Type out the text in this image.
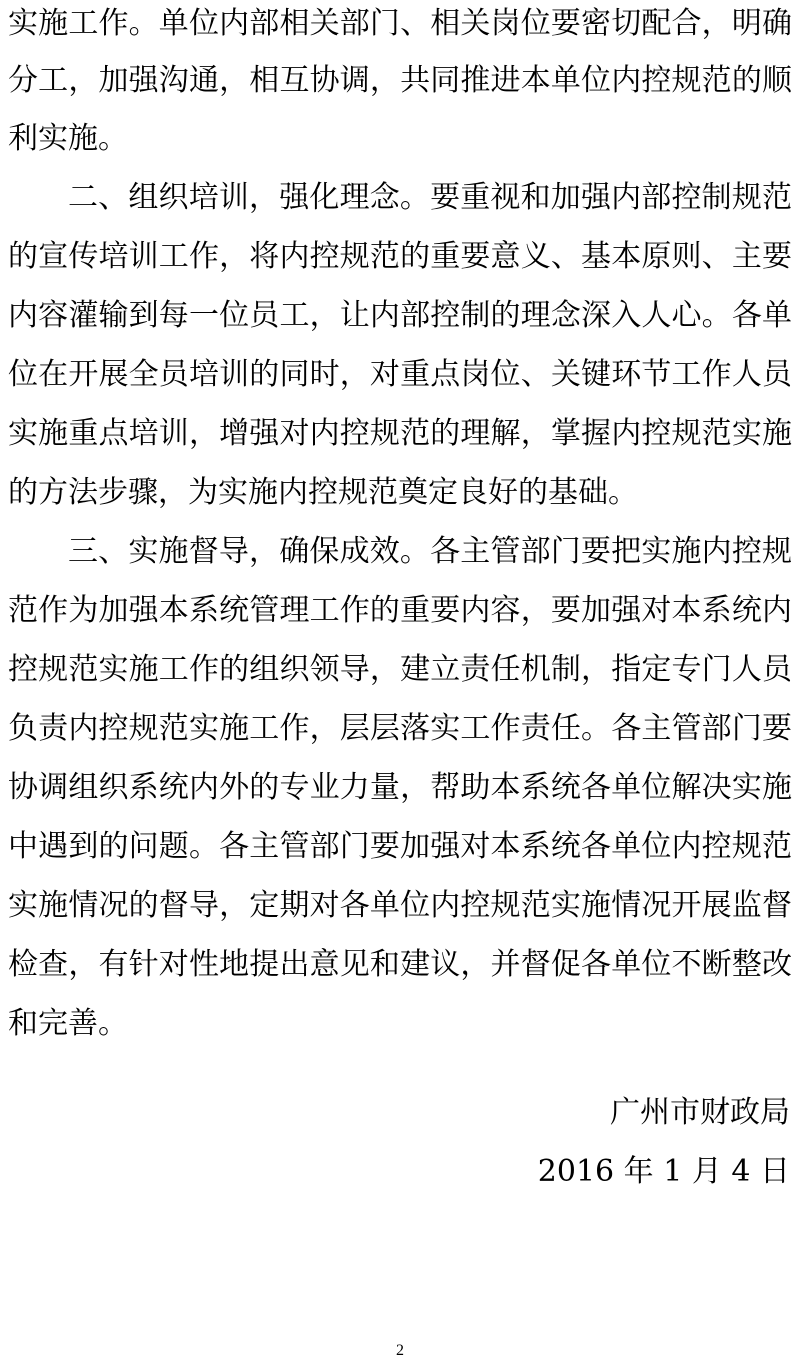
实施工作。单位内部相关部门、相关岗位要密切配合，明确
分工，加强沟通，相互协调，共同推进本单位内控规范的顺
利实施。
二、组织培训，强化理念。要重视和加强内部控制规范
的宣传培训工作，将内控规范的重要意义、基本原则、主要
内容灌输到每一位员工，让内部控制的理念深入人心。各单
位在开展全员培训的同时，对重点岗位、关键环节工作人员
实施重点培训，增强对内控规范的理解，掌握内控规范实施
的方法步骤，为实施内控规范奠定良好的基础。
三、实施督导，确保成效。各主管部门要把实施内控规
范作为加强本系统管理工作的重要内容，要加强对本系统内
控规范实施工作的组织领导，建立责任机制，指定专门人员
负责内控规范实施工作，层层落实工作责任。各主管部门要
协调组织系统内外的专业力量，帮助本系统各单位解决实施
中遇到的问题。各主管部门要加强对本系统各单位内控规范
实施情况的督导，定期对各单位内控规范实施情况开展监督
检查，有针对性地提出意见和建议，并督促各单位不断整改
和完善。
广州市财政局
2016 年 1 月 4 日
2
